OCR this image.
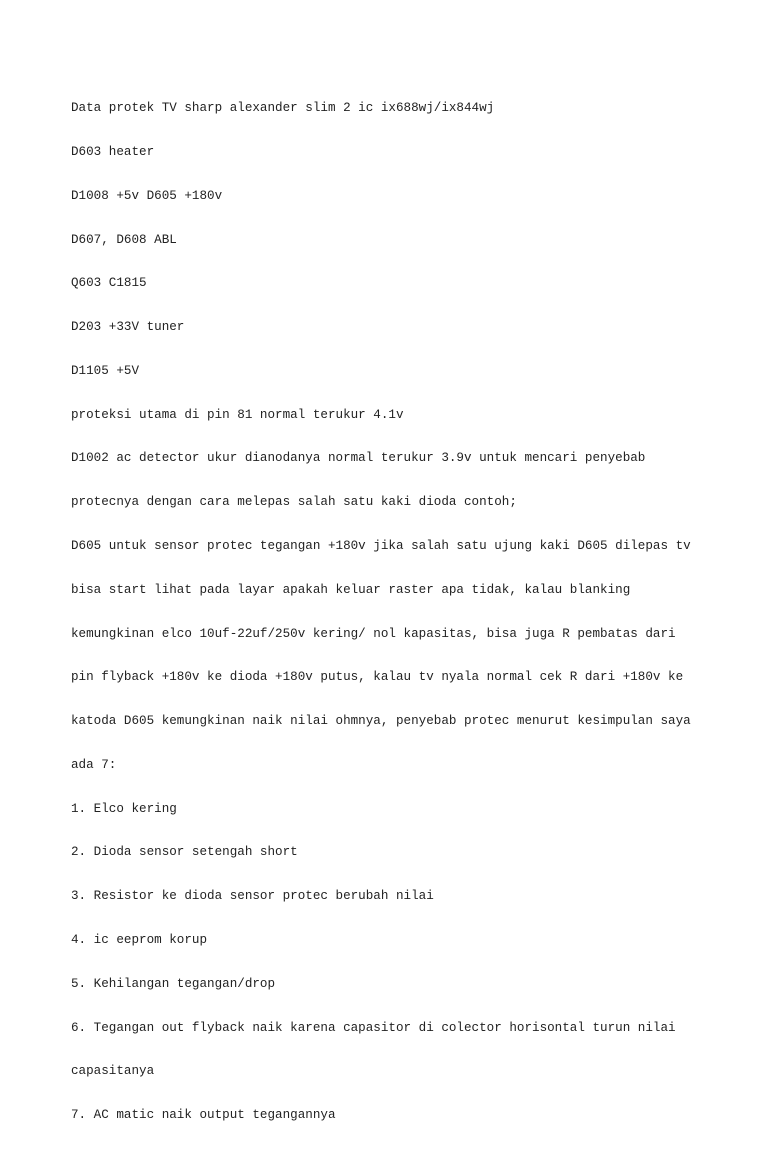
Data protek TV sharp alexander slim 2 ic ix688wj/ix844wj

D603 heater

D1008 +5v D605 +180v

D607, D608 ABL

Q603 C1815

D203 +33V tuner

D1105 +5V

proteksi utama di pin 81 normal terukur 4.1v

D1002 ac detector ukur dianodanya normal terukur 3.9v untuk mencari penyebab

protecnya dengan cara melepas salah satu kaki dioda contoh;

D605 untuk sensor protec tegangan +180v jika salah satu ujung kaki D605 dilepas tv

bisa start lihat pada layar apakah keluar raster apa tidak, kalau blanking

kemungkinan elco 10uf-22uf/250v kering/ nol kapasitas, bisa juga R pembatas dari

pin flyback +180v ke dioda +180v putus, kalau tv nyala normal cek R dari +180v ke

katoda D605 kemungkinan naik nilai ohmnya, penyebab protec menurut kesimpulan saya

ada 7:

1. Elco kering

2. Dioda sensor setengah short

3. Resistor ke dioda sensor protec berubah nilai

4. ic eeprom korup

5. Kehilangan tegangan/drop

6. Tegangan out flyback naik karena capasitor di colector horisontal turun nilai

capasitanya

7. AC matic naik output tegangannya
